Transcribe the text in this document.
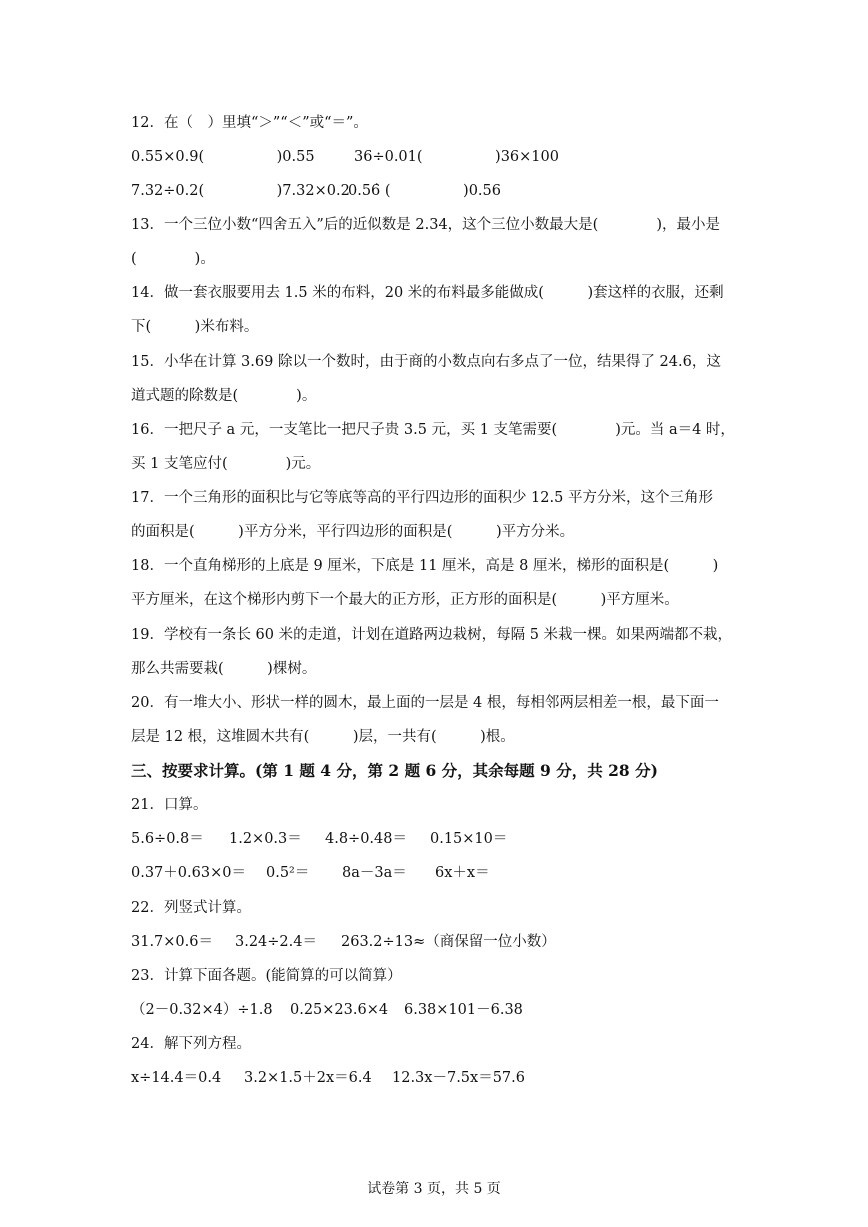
12．在（　）里填“＞”“＜”或“＝”。
0.55×0.9(　　　　　)0.55	36÷0.01(　　　　　)36×100
7.32÷0.2(　　　　　)7.32×0.2
0.56̇ (　　　　　)0.56
13．一个三位小数“四舍五入”后的近似数是 2.34，这个三位小数最大是(　　　　)，最小是
(　　　　)。
14．做一套衣服要用去 1.5 米的布料，20 米的布料最多能做成(　　　)套这样的衣服，还剩
下(　　　)米布料。
15．小华在计算 3.69 除以一个数时，由于商的小数点向右多点了一位，结果得了 24.6，这
道式题的除数是(　　　　)。
16．一把尺子 a 元，一支笔比一把尺子贵 3.5 元，买 1 支笔需要(　　　　)元。当 a＝4 时，
买 1 支笔应付(　　　　)元。
17．一个三角形的面积比与它等底等高的平行四边形的面积少 12.5 平方分米，这个三角形
的面积是(　　　)平方分米，平行四边形的面积是(　　　)平方分米。
18．一个直角梯形的上底是 9 厘米，下底是 11 厘米，高是 8 厘米，梯形的面积是(　　　)
平方厘米，在这个梯形内剪下一个最大的正方形，正方形的面积是(　　　)平方厘米。
19．学校有一条长 60 米的走道，计划在道路两边栽树，每隔 5 米栽一棵。如果两端都不栽，
那么共需要栽(　　　)棵树。
20．有一堆大小、形状一样的圆木，最上面的一层是 4 根，每相邻两层相差一根，最下面一
层是 12 根，这堆圆木共有(　　　)层，一共有(　　　)根。
三、按要求计算。(第 1 题 4 分，第 2 题 6 分，其余每题 9 分，共 28 分)
21．口算。
5.6÷0.8＝ 1.2×0.3＝ 4.8÷0.48＝ 0.15×10＝
0.37＋0.63×0＝ 0.5²＝ 8a－3a＝ 6x＋x＝
22．列竖式计算。
31.7×0.6＝ 3.24÷2.4＝ 263.2÷13≈（商保留一位小数）
23．计算下面各题。(能简算的可以简算）
（2－0.32×4）÷1.8 0.25×23.6×4 6.38×101－6.38
24．解下列方程。
x÷14.4＝0.4 3.2×1.5＋2x＝6.4 12.3x－7.5x＝57.6
试卷第 3 页，共 5 页
